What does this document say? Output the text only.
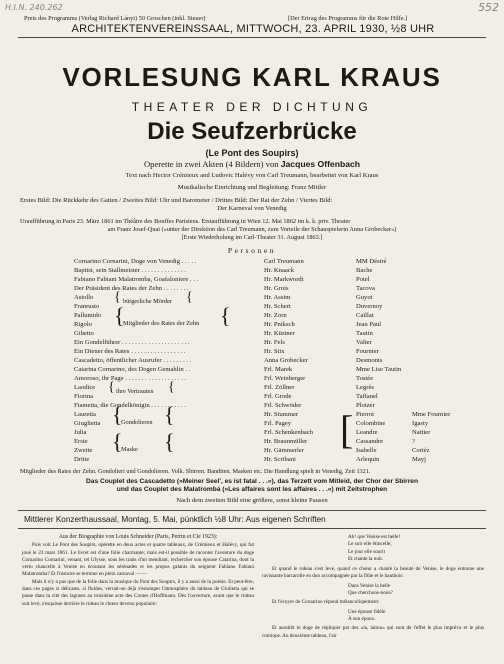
H.I.N. 240.262	552
Preis des Programms (Verlag Richard Lányi) 50 Groschen (inkl. Steuer)	[Der Ertrag des Programms für die Rote Hilfe.]
ARCHITEKTENVEREINSSAAL, MITTWOCH, 23. APRIL 1930, ½8 UHR
VORLESUNG KARL KRAUS
THEATER DER DICHTUNG
Die Seufzerbrücke
(Le Pont des Soupirs)
Operette in zwei Akten (4 Bildern) von Jacques Offenbach
Text nach Hector Crémieux and Ludovic Halévy von Carl Treumann, bearbeitet von Karl Kraus
Musikalische Einrichtung und Begleitung: Franz Mittler
Erstes Bild: Die Rückkehr des Gatten / Zweites Bild: Uhr und Barometer / Drittes Bild: Der Rat der Zehn / Viertes Bild:
Der Karneval von Venedig
Uraufführung in Paris 23. März 1861 im Théâtre des Bouffes Parisiens. Erstaufführung in Wien 12. Mai 1862 im k. k. priv. Theater
am Franz Josef-Quai (»unter der Direktion des Carl Treumann, zum Vorteile der Schauspielerin Anna Grobecker«)
[Erste Wiederholung im Carl-Theater 31. August 1863.]
Personen
Cornarino Cornarini, Doge von Venedig . . . . .	Carl Treumann	MM Désiré
Baptist, sein Stallmeister . . . . . . . . . . . . . .	Hr. Knaack	Bache
Fabiano Fabiani Malatromba, Goafaloniere . . .	Hr. Markwordt	Potel
Der Präsident des Rates der Zehn . . . . . . . .	Hr. Grois	Tacova
Astollo	Hr. Assim	Guyot
Franrusto	Hr. Schert	Duvernoy
{ bürgerliche Mörder {
Pallumido	Hr. Zorn	Caillat
Rigolo	Hr. Pniksch	Jean Paul
Gibetto	Hr. Küstner	Tautin
{
Mitglieder des Rates der Zehn {
Ein Gondelführer . . . . . . . . . . . . . . . . . . . . .	Hr. Fels	Valter
Ein Diener des Rates . . . . . . . . . . . . . . . . .	Hr. Stix	Fournier
Cascadetto, öffentlicher Ausrufer . . . . . . . . .	Anna Grobecker	Desmonts
Catarina Cornarino, des Dogen Gemahlin . .	Frl. Marek	Mme Lise Tautin
Amoroso, ihr Page . . . . . . . . . . . . . . . . . . .	Frl. Weinberger	Tostée
Laodice	Frl. Zöllner	Legrès
Fiorina	Frl. Grode	Taffanel
{ ihre Vertrauten {
Fiametta, die Gondelkönigin . . . . . . . . . . .	Frl. Schwöder	Plotzer
Lauretta	Hr. Stummer	Pierrot	Mme Fournier
Giuglietta	Frl. Pagey	Colombine	Igasty
Julia	Frl. Schenkenbach	Leandre	Nattier
{
Gondolieren {
Erste	Hr. Braunmüller	Cassandre	?
Zweite	Hr. Gämmerler	Isabelle	Cortéz
Dritte	Hr. Scribani	Arlequin	Mayj
{
Maske {	[
Mitglieder des Rates der Zehn. Gondolieri und Gondolieren. Volk. Sbirren. Banditen. Masken etc. Die Handlung spielt in Venedig, Zeit 1321.
Das Couplet des Cascadetto (»Meiner Seel', es ist fatal . . .«), das Terzett vom Mitleid, der Chor der Sbirren
und das Couplet des Malatrombá (»Les affaires sont les affaires . . .«) mit Zeitstrophen
Nach dem zweiten Bild eine größere, sonst kleine Pausen
Mittlerer Konzerthaussaal, Montag, 5. Mai, pünktlich ½8 Uhr: Aus eigenen Schriften

Aus der Biographie von Louis Schneider (Paris, Perrin et Cie 1923):

Puis voit Le Pont des Soupirs, opérette en deux actes et quatre tableaux, de Crémieux et Halévy, qui fut joué le 23 mars 1861. Le livret est d'une folie charmante; mais est-il possible de raconter l'aventure du doge Cornarino Cornarini, venant, tel Ulysse, sous les traits d'un mendiant, rechercher son épouse Catarina, dont la vertu chancelle à Venise en écoutant les sérénades et les propos galants du seigneur Fabiano Fabiani Malatromba? Et l'histoire se termine en plein carnaval — —

Mais il n'y a pas que de la folie dans la musique du Pont des Soupirs, il y a aussi de la poésie. Et peut-être, dans ces pages si délicates, si fluides, verrait-on déjà s'estomper l'atmosphère du tableau de Giulietta qui se passe dans la cité des lagunes au troisième acte des Contes d'Hoffmann. Dès l'ouverture, avant que le rideau soit levé, s'esquisse derrière le rideau le chœur devenu populaire:

Ah! que Venise est belle!

Le soir elle étincelle;

Le jour elle sourit

Et chante la nuit.

Et quand le rideau s'est levé, quand ce chœur a chanté la beauté de Venise, le doge entonne une ravissante barcarolle en duo accompagnée par la flûte et le hautbois:

Dans Venise la belle

Que cherchons-nous?

Et l'écuyer de Cornarino répond mélancoliquement:

Une épouse fidèle

À son époux.

Et aussitôt le doge de répliquer par des «la, laitou» qui sont de l'effet le plus imprévu et le plus comique. Au deuxième tableau, l'air
